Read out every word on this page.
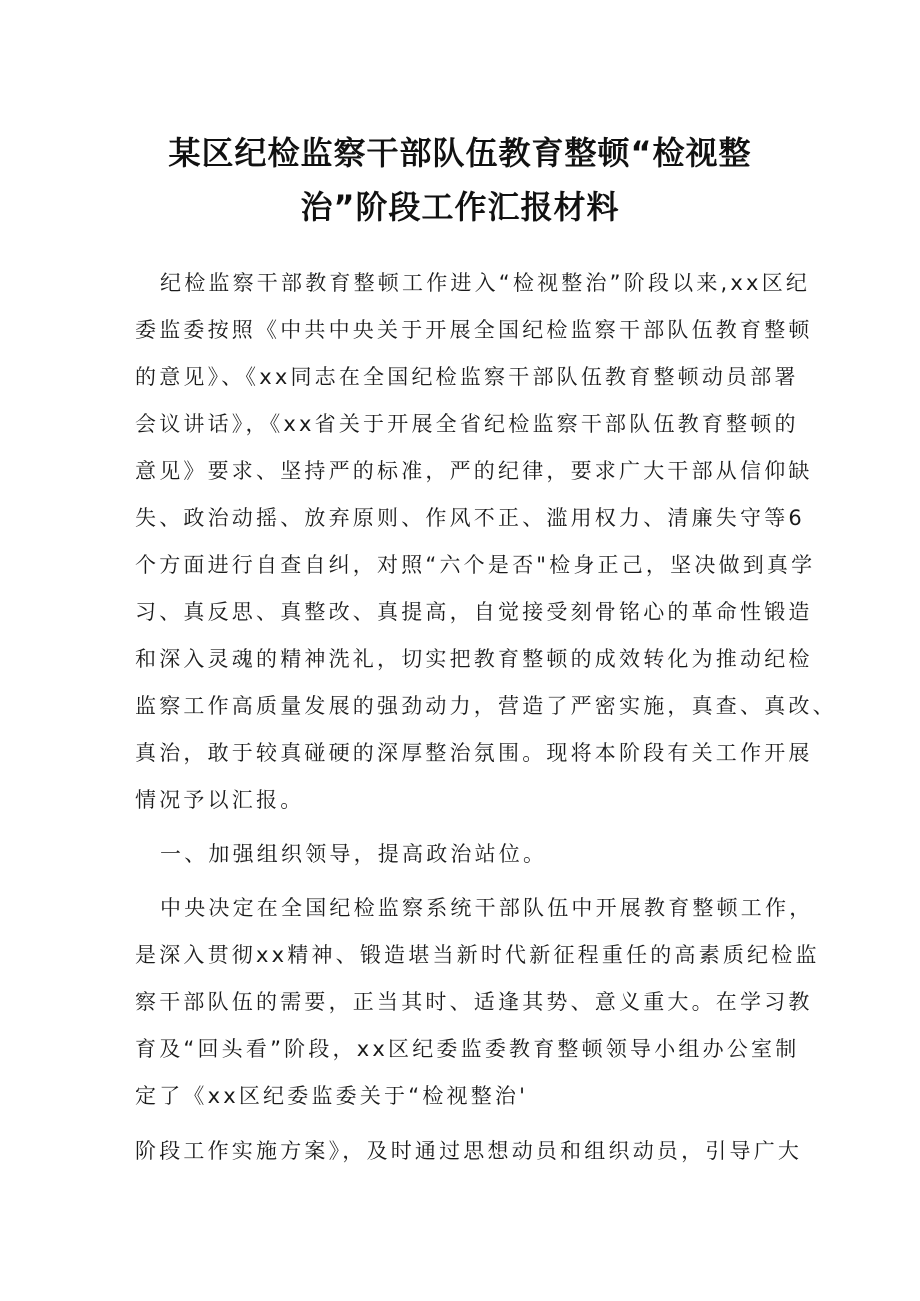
某区纪检监察干部队伍教育整顿“检视整
治”阶段工作汇报材料
纪检监察干部教育整顿工作进入“检视整治”阶段以来,xx区纪
委监委按照《中共中央关于开展全国纪检监察干部队伍教育整顿
的意见》、《xx同志在全国纪检监察干部队伍教育整顿动员部署
会议讲话》，《xx省关于开展全省纪检监察干部队伍教育整顿的
意见》要求、坚持严的标准，严的纪律，要求广大干部从信仰缺
失、政治动摇、放弃原则、作风不正、滥用权力、清廉失守等6
个方面进行自查自纠，对照“六个是否"检身正己，坚决做到真学
习、真反思、真整改、真提高，自觉接受刻骨铭心的革命性锻造
和深入灵魂的精神洗礼，切实把教育整顿的成效转化为推动纪检
监察工作高质量发展的强劲动力，营造了严密实施，真查、真改、
真治，敢于较真碰硬的深厚整治氛围。现将本阶段有关工作开展
情况予以汇报。
一、加强组织领导，提高政治站位。
中央决定在全国纪检监察系统干部队伍中开展教育整顿工作，
是深入贯彻xx精神、锻造堪当新时代新征程重任的高素质纪检监
察干部队伍的需要，正当其时、适逢其势、意义重大。在学习教
育及“回头看”阶段，xx区纪委监委教育整顿领导小组办公室制
定了《xx区纪委监委关于“检视整治'
阶段工作实施方案》，及时通过思想动员和组织动员，引导广大
